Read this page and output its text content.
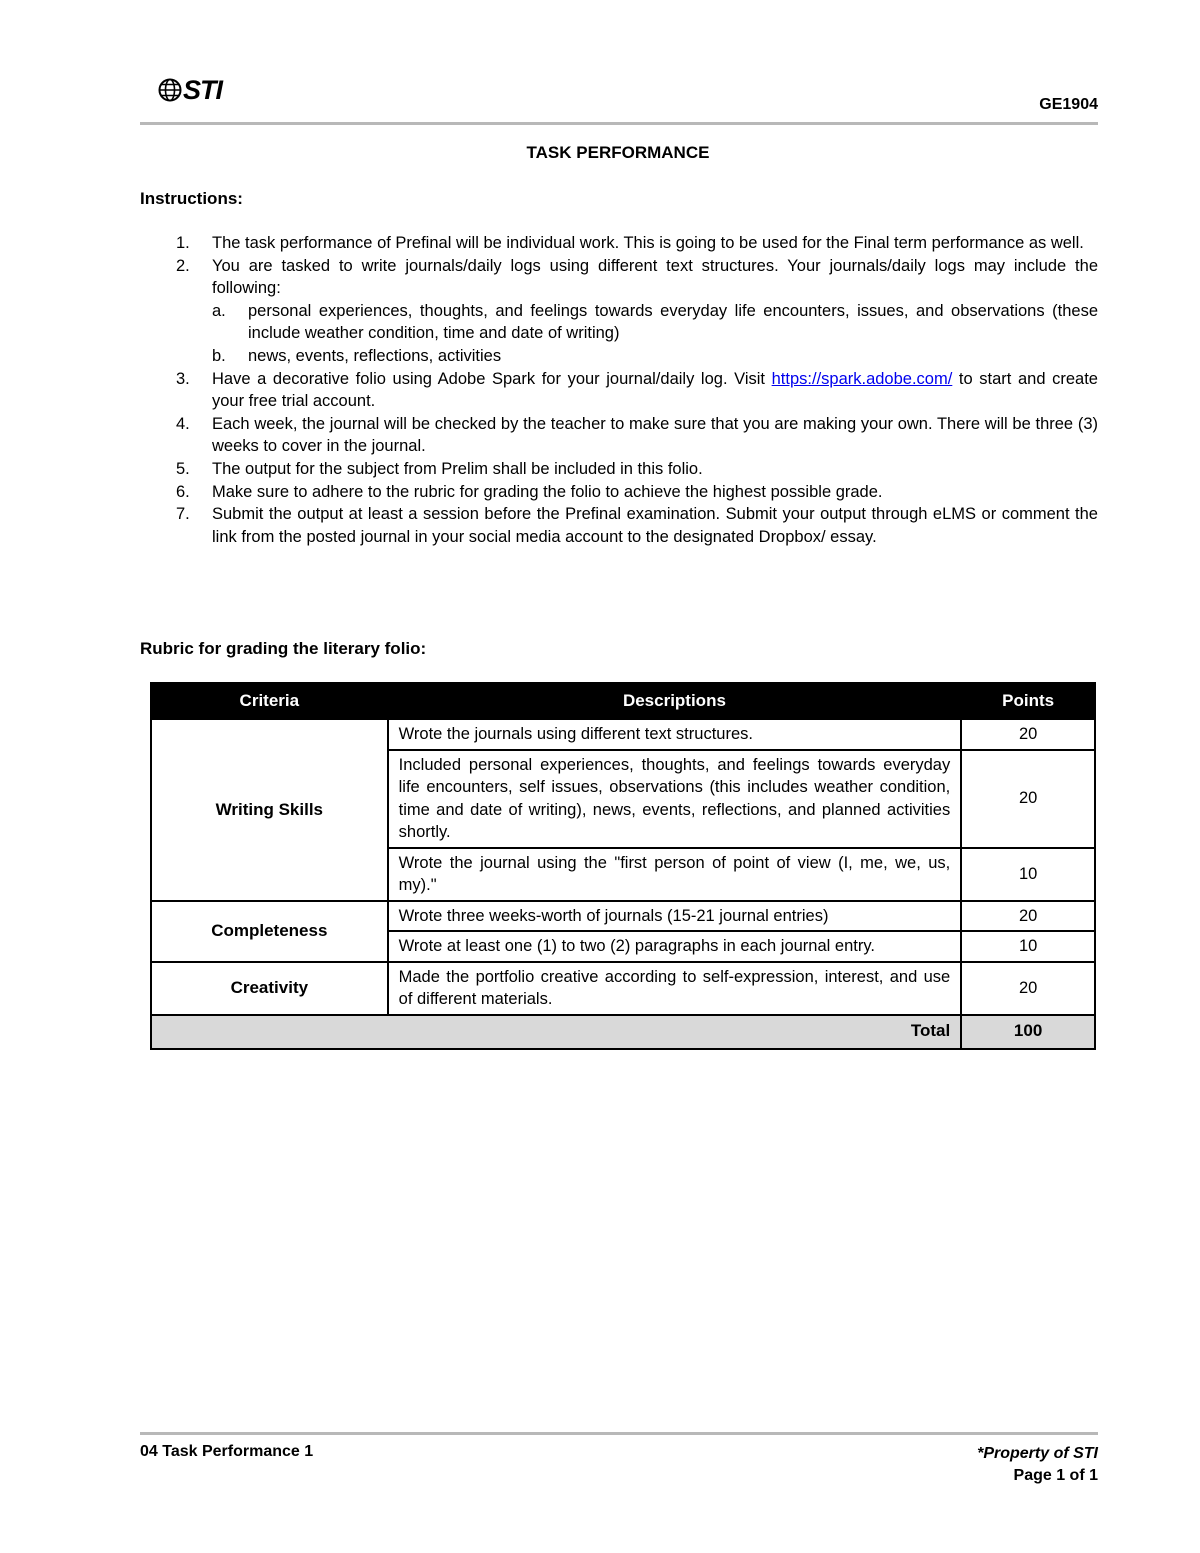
STI	GE1904
TASK PERFORMANCE
Instructions:
1.	The task performance of Prefinal will be individual work. This is going to be used for the Final term performance as well.
2.	You are tasked to write journals/daily logs using different text structures. Your journals/daily logs may include the following:
a.	personal experiences, thoughts, and feelings towards everyday life encounters, issues, and observations (these include weather condition, time and date of writing)
b.	news, events, reflections, activities
3.	Have a decorative folio using Adobe Spark for your journal/daily log. Visit https://spark.adobe.com/ to start and create your free trial account.
4.	Each week, the journal will be checked by the teacher to make sure that you are making your own. There will be three (3) weeks to cover in the journal.
5.	The output for the subject from Prelim shall be included in this folio.
6.	Make sure to adhere to the rubric for grading the folio to achieve the highest possible grade.
7.	Submit the output at least a session before the Prefinal examination. Submit your output through eLMS or comment the link from the posted journal in your social media account to the designated Dropbox/ essay.
Rubric for grading the literary folio:
Criteria	Descriptions	Points
Writing Skills	Wrote the journals using different text structures.	20
	Included personal experiences, thoughts, and feelings towards everyday life encounters, self issues, observations (this includes weather condition, time and date of writing), news, events, reflections, and planned activities shortly.	20
	Wrote the journal using the "first person of point of view (I, me, we, us, my)."	10
Completeness	Wrote three weeks-worth of journals (15-21 journal entries)	20
	Wrote at least one (1) to two (2) paragraphs in each journal entry.	10
Creativity	Made the portfolio creative according to self-expression, interest, and use of different materials.	20
Total		100
04 Task Performance 1	*Property of STI
Page 1 of 1
